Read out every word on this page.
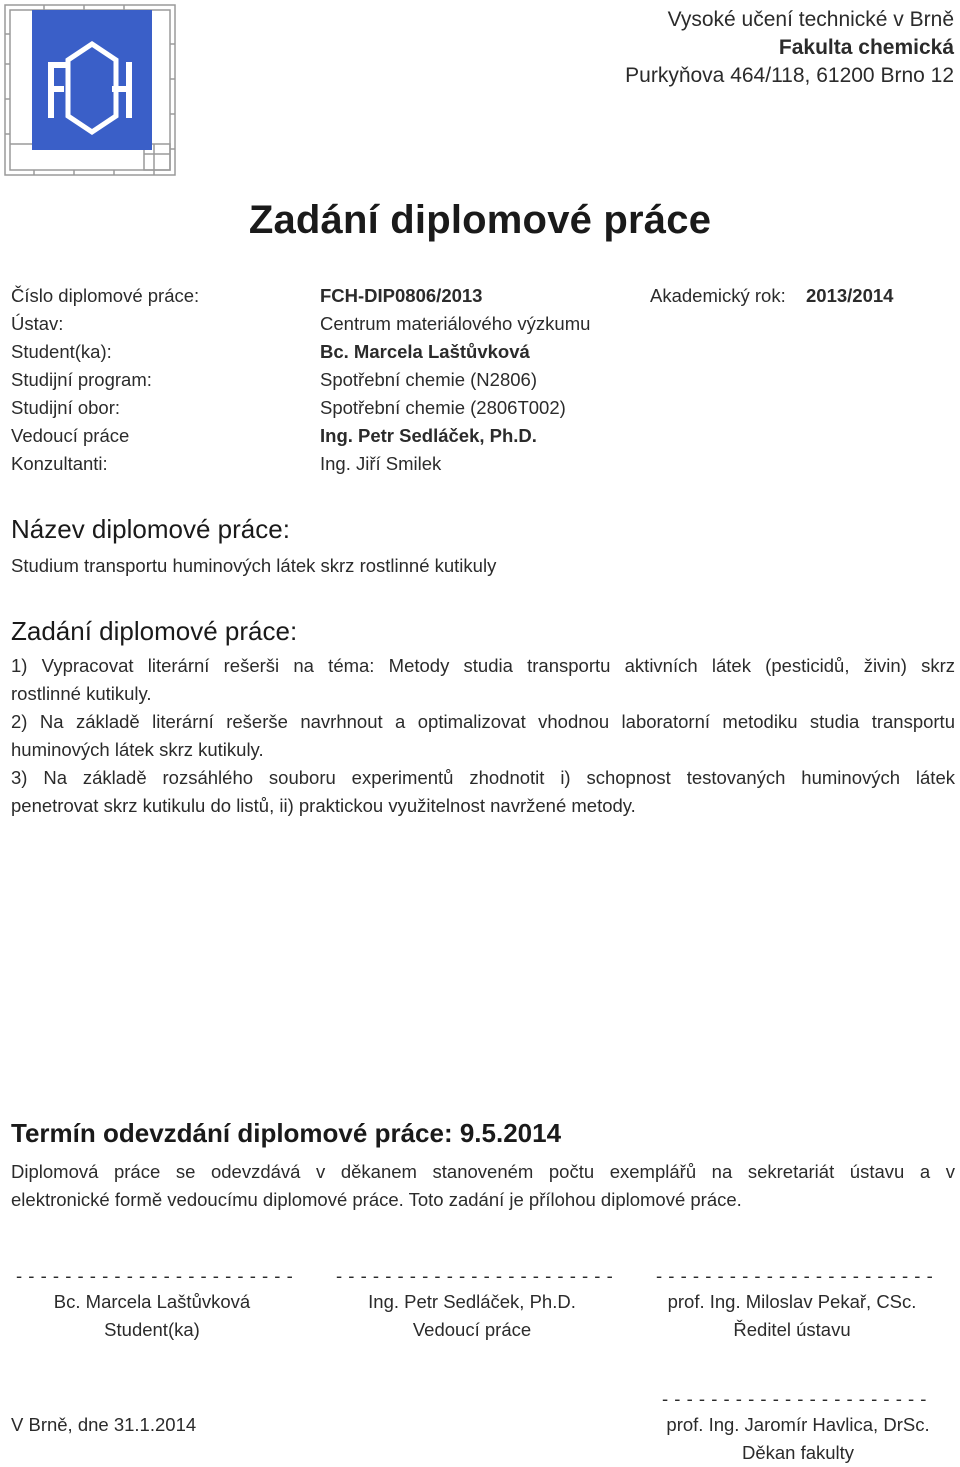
Vysoké učení technické v Brně
Fakulta chemická
Purkyňova 464/118, 61200 Brno 12
Zadání diplomové práce
Číslo diplomové práce:	FCH-DIP0806/2013	Akademický rok: 2013/2014
Ústav:	Centrum materiálového výzkumu
Student(ka):	Bc. Marcela Laštůvková
Studijní program:	Spotřební chemie (N2806)
Studijní obor:	Spotřební chemie (2806T002)
Vedoucí práce	Ing. Petr Sedláček, Ph.D.
Konzultanti:	Ing. Jiří Smilek
Název diplomové práce:
Studium transportu huminových látek skrz rostlinné kutikuly
Zadání diplomové práce:
1) Vypracovat literární rešerši na téma: Metody studia transportu aktivních látek (pesticidů, živin) skrz
rostlinné kutikuly.
2) Na základě literární rešerše navrhnout a optimalizovat vhodnou laboratorní metodiku studia transportu
huminových látek skrz kutikuly.
3) Na základě rozsáhlého souboru experimentů zhodnotit i) schopnost testovaných huminových látek
penetrovat skrz kutikulu do listů, ii) praktickou využitelnost navržené metody.
Termín odevzdání diplomové práce: 9.5.2014
Diplomová práce se odevzdává v děkanem stanoveném počtu exemplářů na sekretariát ústavu a v
elektronické formě vedoucímu diplomové práce. Toto zadání je přílohou diplomové práce.
- - - - - - - - - - - - - - - - - - - - - - - - - - - - - - - - - - - - - - - - - - - - - - - - - - - - - - - - - - - - - - - - - - - - -
Bc. Marcela Laštůvková
Student(ka)
Ing. Petr Sedláček, Ph.D.
Vedoucí práce
prof. Ing. Miloslav Pekař, CSc.
Ředitel ústavu
- - - - - - - - - - - - - - - - - - - - - -
V Brně, dne 31.1.2014	prof. Ing. Jaromír Havlica, DrSc.
Děkan fakulty
